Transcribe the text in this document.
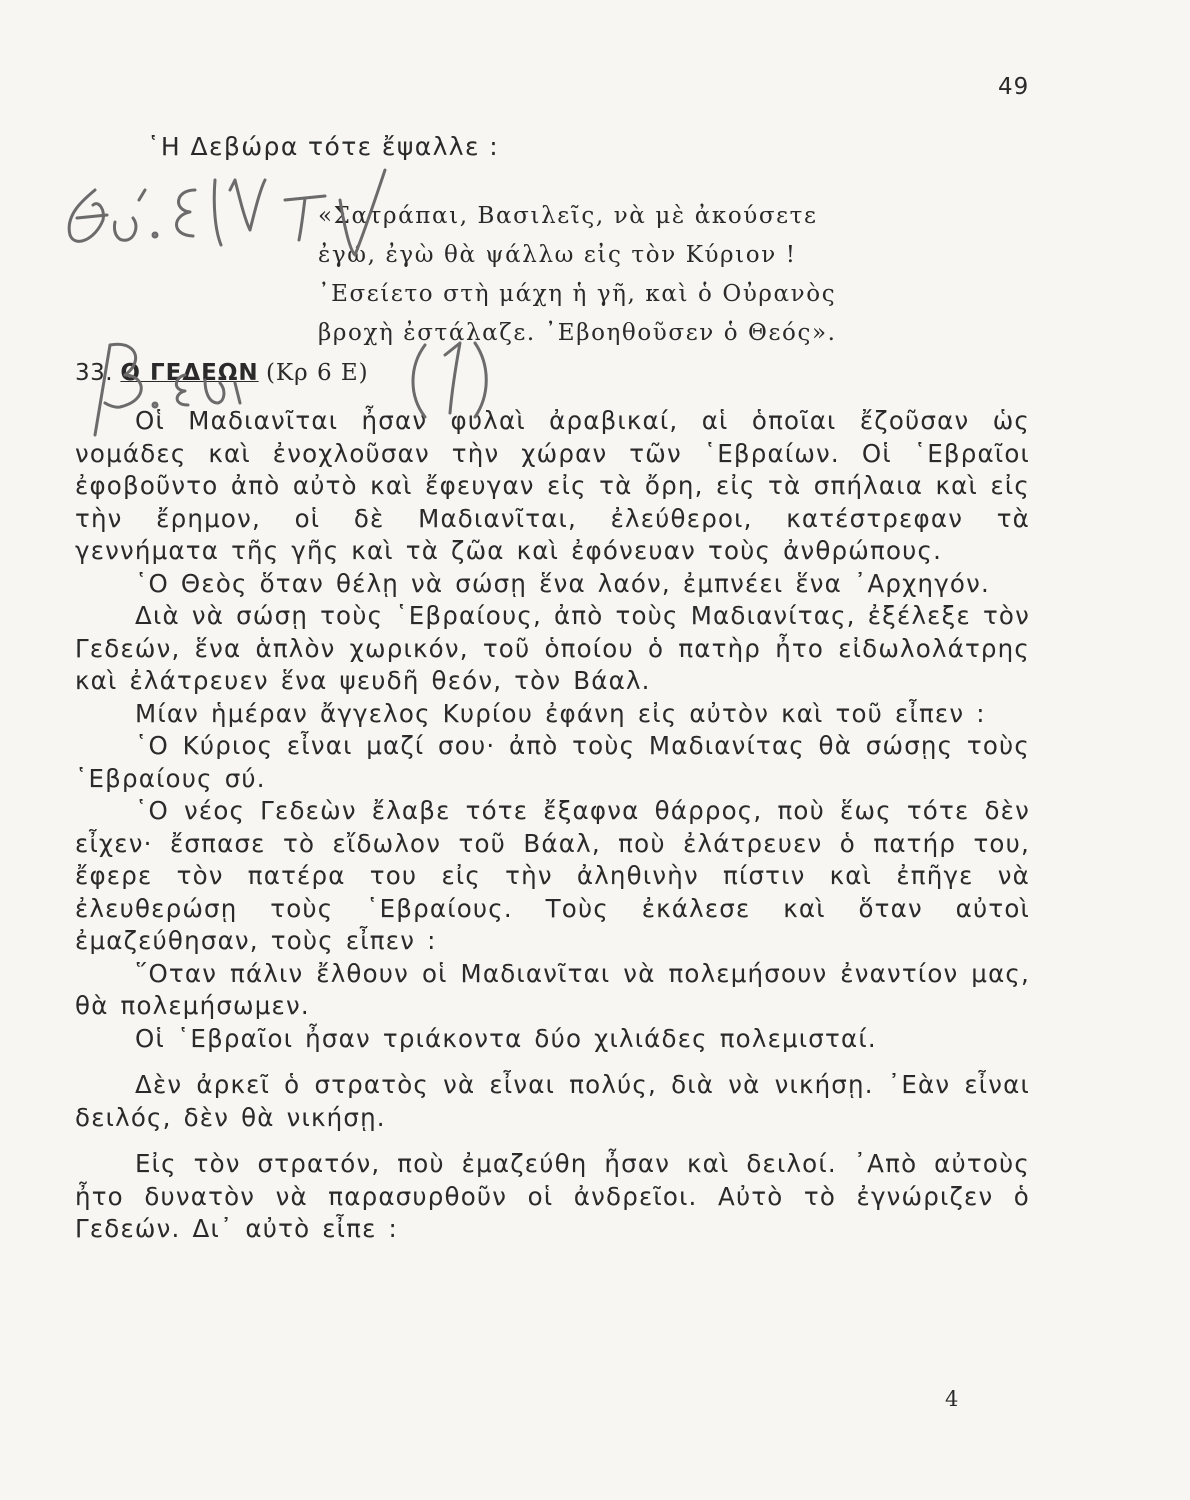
49
῾Η Δεβώρα τότε ἔψαλλε :
«Σατράπαι, Βασιλεῖς, νὰ μὲ ἀκούσετε
ἐγώ, ἐγὼ θὰ ψάλλω εἰς τὸν Κύριον !
᾿Εσείετο στὴ μάχη ἡ γῆ, καὶ ὁ Οὐρανὸς
βροχὴ ἐστάλαζε. ᾿Εβοηθοῦσεν ὁ Θεός».
33. Ο ΓΕΔΕΩΝ (Κρ 6 Ε)

Οἱ Μαδιανῖται ἦσαν φυλαὶ ἀραβικαί, αἱ ὁποῖαι ἔζοῦσαν ὡς νομάδες καὶ ἐνοχλοῦσαν τὴν χώραν τῶν ῾Εβραίων. Οἱ ῾Εβραῖοι ἐφοβοῦντο ἀπὸ αὐτὸ καὶ ἔφευγαν εἰς τὰ ὄρη, εἰς τὰ σπήλαια καὶ εἰς τὴν ἔρημον, οἱ δὲ Μαδιανῖται, ἐλεύθεροι, κατέστρεφαν τὰ γεννήματα τῆς γῆς καὶ τὰ ζῶα καὶ ἐφόνευαν τοὺς ἀνθρώπους.

῾Ο Θεὸς ὅταν θέλῃ νὰ σώσῃ ἕνα λαόν, ἐμπνέει ἕνα ᾿Αρχηγόν.

Διὰ νὰ σώσῃ τοὺς ῾Εβραίους, ἀπὸ τοὺς Μαδιανίτας, ἐξέλεξε τὸν Γεδεών, ἕνα ἁπλὸν χωρικόν, τοῦ ὁποίου ὁ πατὴρ ἦτο εἰδωλολάτρης καὶ ἐλάτρευεν ἕνα ψευδῆ θεόν, τὸν Βάαλ.

Μίαν ἡμέραν ἄγγελος Κυρίου ἐφάνη εἰς αὐτὸν καὶ τοῦ εἶπεν :

῾Ο Κύριος εἶναι μαζί σου· ἀπὸ τοὺς Μαδιανίτας θὰ σώσῃς τοὺς ῾Εβραίους σύ.

῾Ο νέος Γεδεὼν ἔλαβε τότε ἔξαφνα θάρρος, ποὺ ἕως τότε δὲν εἶχεν· ἔσπασε τὸ εἴδωλον τοῦ Βάαλ, ποὺ ἐλάτρευεν ὁ πατήρ του, ἔφερε τὸν πατέρα του εἰς τὴν ἀληθινὴν πίστιν καὶ ἐπῆγε νὰ ἐλευθερώσῃ τοὺς ῾Εβραίους. Τοὺς ἐκάλεσε καὶ ὅταν αὐτοὶ ἐμαζεύθησαν, τοὺς εἶπεν :

῞Οταν πάλιν ἔλθουν οἱ Μαδιανῖται νὰ πολεμήσουν ἐναντίον μας, θὰ πολεμήσωμεν.

Οἱ ῾Εβραῖοι ἦσαν τριάκοντα δύο χιλιάδες πολεμισταί.

Δὲν ἀρκεῖ ὁ στρατὸς νὰ εἶναι πολύς, διὰ νὰ νικήσῃ. ᾿Εὰν εἶναι δειλός, δὲν θὰ νικήσῃ.

Εἰς τὸν στρατόν, ποὺ ἐμαζεύθη ἦσαν καὶ δειλοί. ᾿Απὸ αὐτοὺς ἦτο δυνατὸν νὰ παρασυρθοῦν οἱ ἀνδρεῖοι. Αὐτὸ τὸ ἐγνώριζεν ὁ Γεδεών. Δι᾿ αὐτὸ εἶπε :

4
